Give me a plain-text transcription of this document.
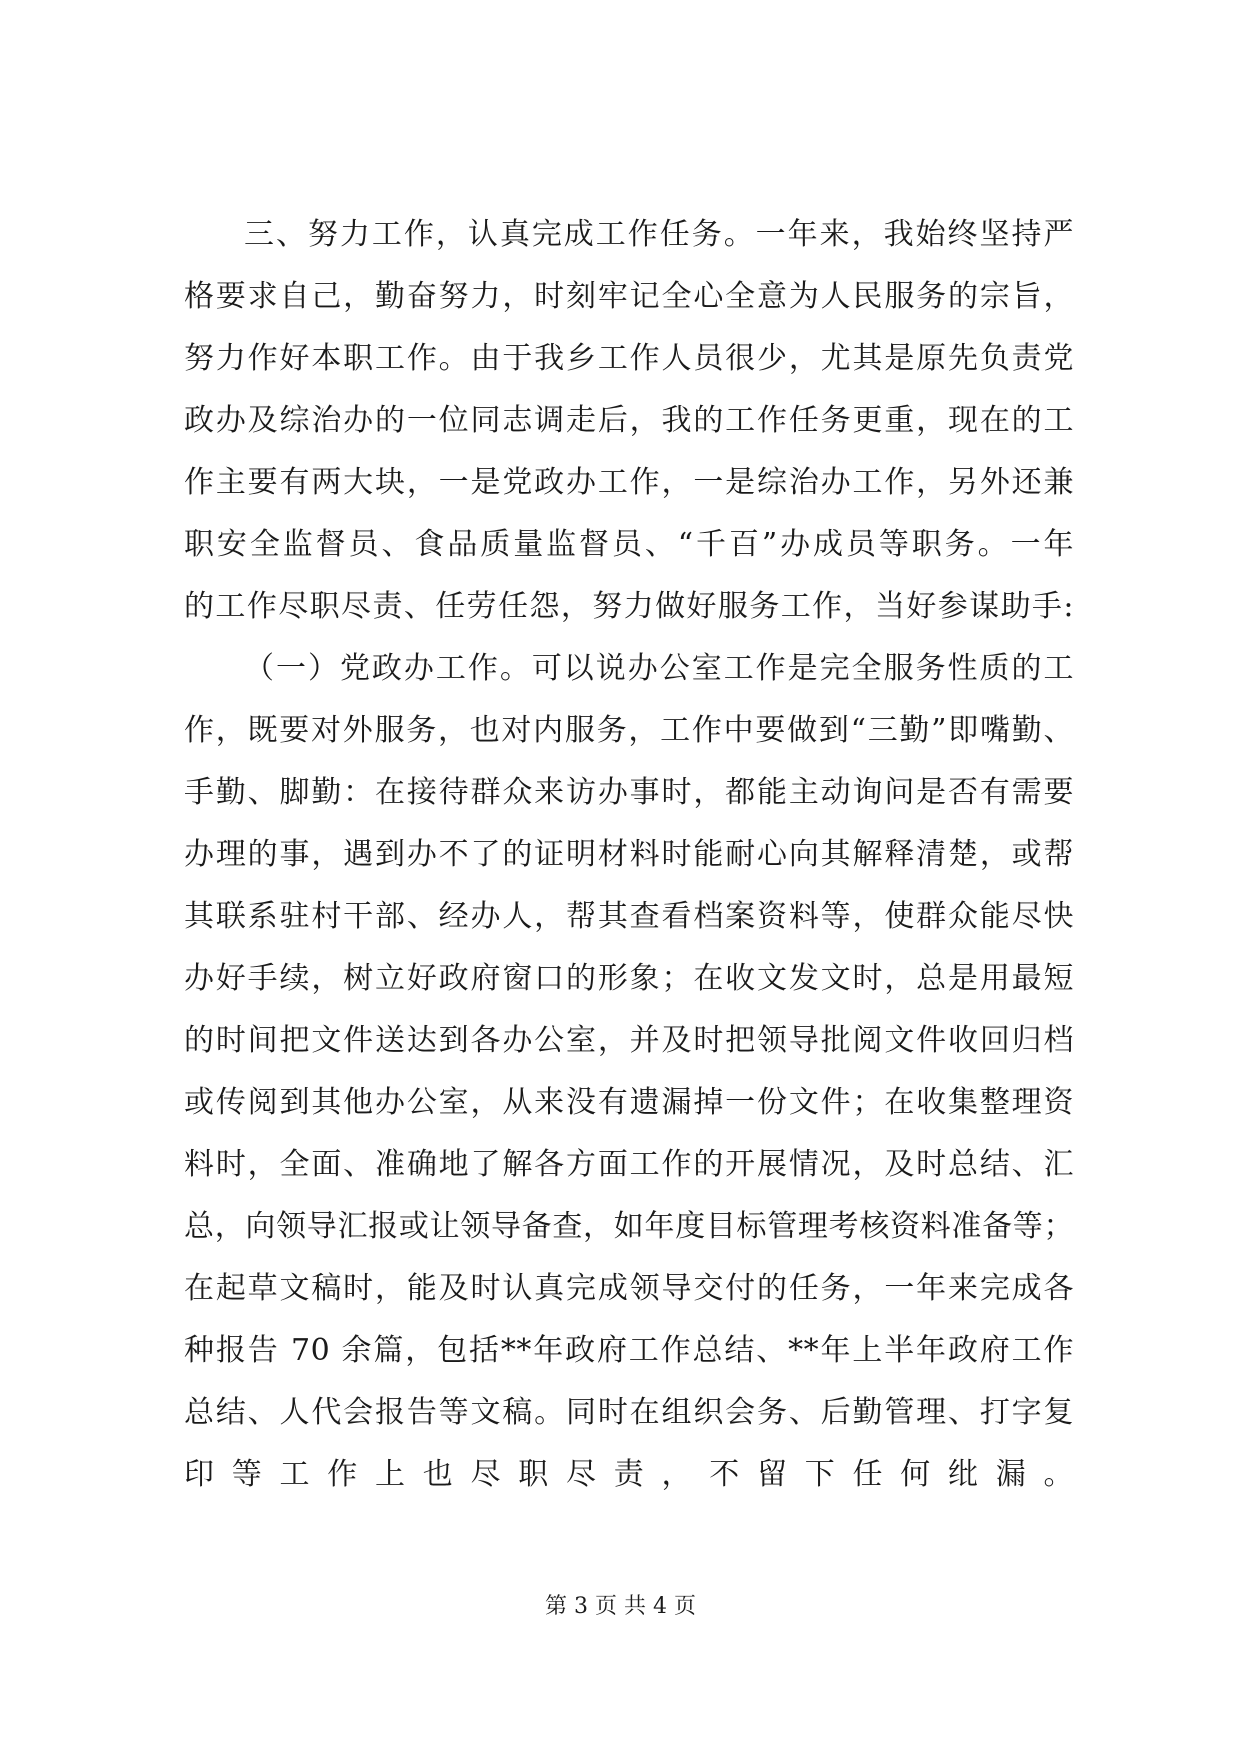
三、努力工作，认真完成工作任务。一年来，我始终坚持严
格要求自己，勤奋努力，时刻牢记全心全意为人民服务的宗旨，
努力作好本职工作。由于我乡工作人员很少，尤其是原先负责党
政办及综治办的一位同志调走后，我的工作任务更重，现在的工
作主要有两大块，一是党政办工作，一是综治办工作，另外还兼
职安全监督员、食品质量监督员、“千百”办成员等职务。一年
的工作尽职尽责、任劳任怨，努力做好服务工作，当好参谋助手:
（一）党政办工作。可以说办公室工作是完全服务性质的工
作，既要对外服务，也对内服务，工作中要做到“三勤”即嘴勤、
手勤、脚勤：在接待群众来访办事时，都能主动询问是否有需要
办理的事，遇到办不了的证明材料时能耐心向其解释清楚，或帮
其联系驻村干部、经办人，帮其查看档案资料等，使群众能尽快
办好手续，树立好政府窗口的形象；在收文发文时，总是用最短
的时间把文件送达到各办公室，并及时把领导批阅文件收回归档
或传阅到其他办公室，从来没有遗漏掉一份文件；在收集整理资
料时，全面、准确地了解各方面工作的开展情况，及时总结、汇
总，向领导汇报或让领导备查，如年度目标管理考核资料准备等；
在起草文稿时，能及时认真完成领导交付的任务，一年来完成各
种报告 70 余篇，包括**年政府工作总结、**年上半年政府工作
总结、人代会报告等文稿。同时在组织会务、后勤管理、打字复
印等工作上也尽职尽责，不留下任何纰漏。
第 3 页 共 4 页
